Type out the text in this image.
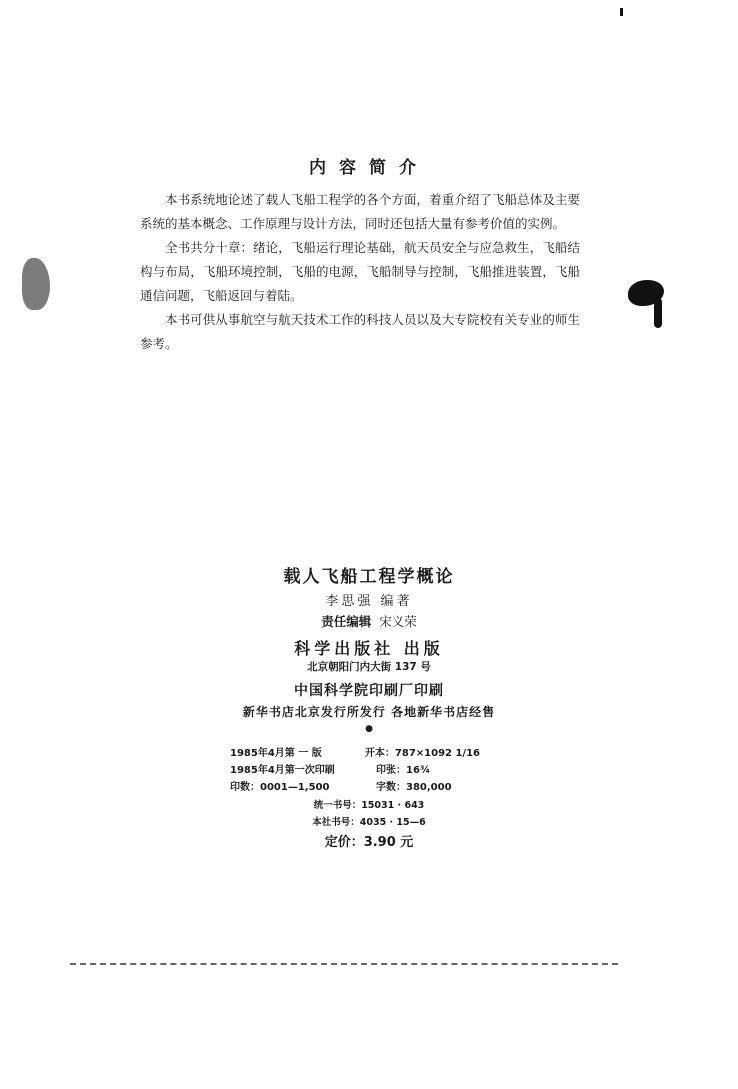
内容简介

本书系统地论述了载人飞船工程学的各个方面，着重介绍了飞船总体及主要系统的基本概念、工作原理与设计方法，同时还包括大量有参考价值的实例。

全书共分十章：绪论，飞船运行理论基础，航天员安全与应急救生，飞船结构与布局，飞船环境控制，飞船的电源，飞船制导与控制，飞船推进装置，飞船通信问题，飞船返回与着陆。

本书可供从事航空与航天技术工作的科技人员以及大专院校有关专业的师生参考。

载人飞船工程学概论
李思强 编著
责任编辑 宋义荣
科学出版社 出版
北京朝阳门内大街 137 号
中国科学院印刷厂印刷
新华书店北京发行所发行 各地新华书店经售
●
1985年4月第 一 版	开本：787×1092 1/16
1985年4月第一次印刷	印张：16¾
印数：0001—1,500	字数：380,000
统一书号：15031 · 643
本社书号：4035 · 15—6
定价：3.90 元
